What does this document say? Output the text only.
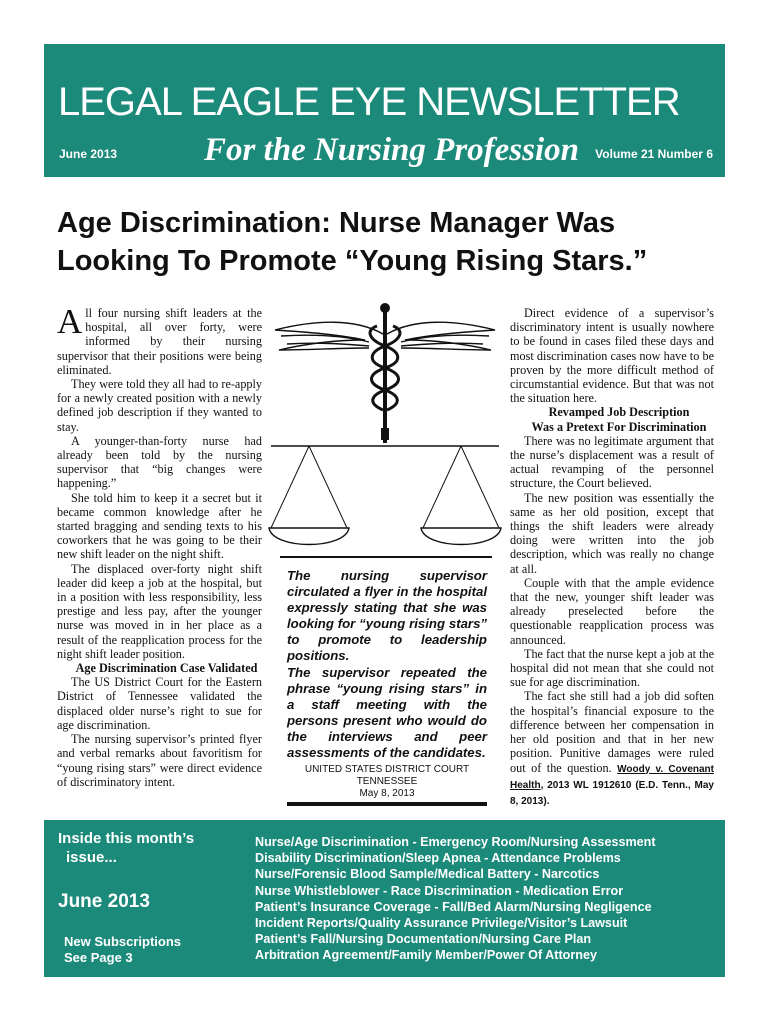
LEGAL EAGLE EYE NEWSLETTER
June 2013	For the Nursing Profession Volume 21 Number 6
Age Discrimination: Nurse Manager Was
Looking To Promote “Young Rising Stars.”

All four nursing shift leaders at the hospital, all over forty, were informed by their nursing supervisor that their positions were being eliminated.

They were told they all had to re-apply for a newly created position with a newly defined job description if they wanted to stay.

A younger-than-forty nurse had already been told by the nursing supervisor that “big changes were happening.”

She told him to keep it a secret but it became common knowledge after he started bragging and sending texts to his coworkers that he was going to be their new shift leader on the night shift.

The displaced over-forty night shift leader did keep a job at the hospital, but in a position with less responsibility, less prestige and less pay, after the younger nurse was moved in in her place as a result of the reapplication process for the night shift leader position.

Age Discrimination Case Validated

The US District Court for the Eastern District of Tennessee validated the displaced older nurse’s right to sue for age discrimination.

The nursing supervisor’s printed flyer and verbal remarks about favoritism for “young rising stars” were direct evidence of discriminatory intent.

The nursing supervisor circulated a flyer in the hospital expressly stating that she was looking for “young rising stars” to promote to leadership positions.

The supervisor repeated the phrase “young rising stars” in a staff meeting with the persons present who would do the interviews and peer assessments of the candidates.

UNITED STATES DISTRICT COURT
TENNESSEE
May 8, 2013

Direct evidence of a supervisor’s discriminatory intent is usually nowhere to be found in cases filed these days and most discrimination cases now have to be proven by the more difficult method of circumstantial evidence. But that was not the situation here.

Revamped Job Description

Was a Pretext For Discrimination

There was no legitimate argument that the nurse’s displacement was a result of actual revamping of the personnel structure, the Court believed.

The new position was essentially the same as her old position, except that things the shift leaders were already doing were written into the job description, which was really no change at all.

Couple with that the ample evidence that the new, younger shift leader was already preselected before the questionable reapplication process was announced.

The fact that the nurse kept a job at the hospital did not mean that she could not sue for age discrimination.

The fact she still had a job did soften the hospital’s financial exposure to the difference between her compensation in her old position and that in her new position. Punitive damages were ruled out of the question. Woody v. Covenant Health, 2013 WL 1912610 (E.D. Tenn., May 8, 2013).

Inside this month’s
issue...
June 2013
New Subscriptions
See Page 3
Nurse/Age Discrimination - Emergency Room/Nursing Assessment
Disability Discrimination/Sleep Apnea - Attendance Problems
Nurse/Forensic Blood Sample/Medical Battery - Narcotics
Nurse Whistleblower - Race Discrimination - Medication Error
Patient’s Insurance Coverage - Fall/Bed Alarm/Nursing Negligence
Incident Reports/Quality Assurance Privilege/Visitor’s Lawsuit
Patient’s Fall/Nursing Documentation/Nursing Care Plan
Arbitration Agreement/Family Member/Power Of Attorney
